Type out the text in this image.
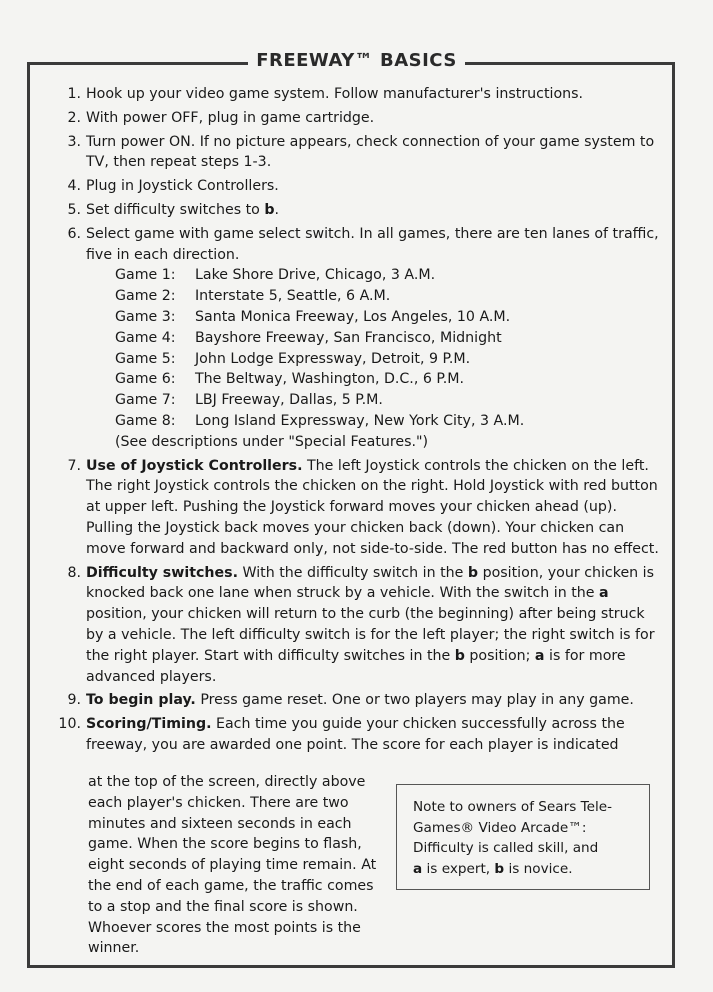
FREEWAY™ BASICS
1. Hook up your video game system. Follow manufacturer's instructions.
2. With power OFF, plug in game cartridge.
3. Turn power ON. If no picture appears, check connection of your game system to TV, then repeat steps 1-3.
4. Plug in Joystick Controllers.
5. Set difficulty switches to b.
6. Select game with game select switch. In all games, there are ten lanes of traffic, five in each direction.
Game 1:	Lake Shore Drive, Chicago, 3 A.M.
Game 2:	Interstate 5, Seattle, 6 A.M.
Game 3:	Santa Monica Freeway, Los Angeles, 10 A.M.
Game 4:	Bayshore Freeway, San Francisco, Midnight
Game 5:	John Lodge Expressway, Detroit, 9 P.M.
Game 6:	The Beltway, Washington, D.C., 6 P.M.
Game 7:	LBJ Freeway, Dallas, 5 P.M.
Game 8:	Long Island Expressway, New York City, 3 A.M.
(See descriptions under "Special Features.")
7. Use of Joystick Controllers. The left Joystick controls the chicken on the left. The right Joystick controls the chicken on the right. Hold Joystick with red button at upper left. Pushing the Joystick forward moves your chicken ahead (up). Pulling the Joystick back moves your chicken back (down). Your chicken can move forward and backward only, not side-to-side. The red button has no effect.
8. Difficulty switches. With the difficulty switch in the b position, your chicken is knocked back one lane when struck by a vehicle. With the switch in the a position, your chicken will return to the curb (the beginning) after being struck by a vehicle. The left difficulty switch is for the left player; the right switch is for the right player. Start with difficulty switches in the b position; a is for more advanced players.
9. To begin play. Press game reset. One or two players may play in any game.
10. Scoring/Timing. Each time you guide your chicken successfully across the freeway, you are awarded one point. The score for each player is indicated
at the top of the screen, directly above each player's chicken. There are two minutes and sixteen seconds in each game. When the score begins to flash, eight seconds of playing time remain. At the end of each game, the traffic comes to a stop and the final score is shown. Whoever scores the most points is the winner.
Note to owners of Sears Tele-Games® Video Arcade™:
Difficulty is called skill, and
a is expert, b is novice.
